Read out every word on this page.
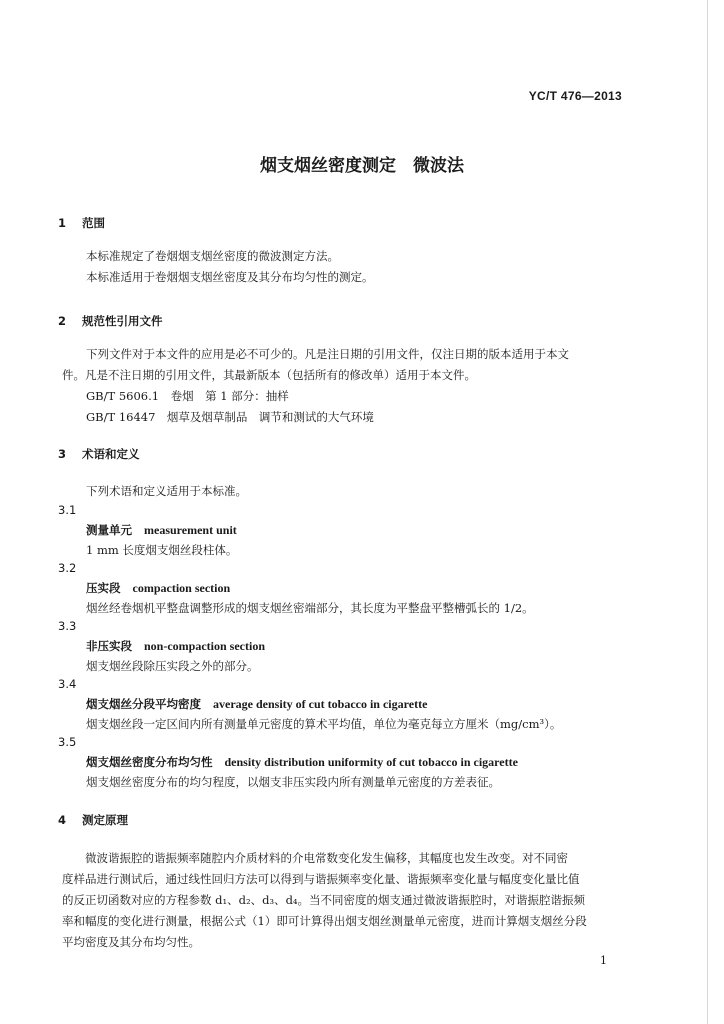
YC/T 476—2013
烟支烟丝密度测定　微波法
1 范围
本标准规定了卷烟烟支烟丝密度的微波测定方法。
本标准适用于卷烟烟支烟丝密度及其分布均匀性的测定。
2 规范性引用文件
下列文件对于本文件的应用是必不可少的。凡是注日期的引用文件，仅注日期的版本适用于本文
件。凡是不注日期的引用文件，其最新版本（包括所有的修改单）适用于本文件。
GB/T 5606.1　卷烟　第 1 部分：抽样
GB/T 16447　烟草及烟草制品　调节和测试的大气环境
3 术语和定义
下列术语和定义适用于本标准。
3.1
测量单元 measurement unit
1 mm 长度烟支烟丝段柱体。
3.2
压实段 compaction section
烟丝经卷烟机平整盘调整形成的烟支烟丝密端部分，其长度为平整盘平整槽弧长的 1/2。
3.3
非压实段 non-compaction section
烟支烟丝段除压实段之外的部分。
3.4
烟支烟丝分段平均密度 average density of cut tobacco in cigarette
烟支烟丝段一定区间内所有测量单元密度的算术平均值，单位为毫克每立方厘米（mg/cm³）。
3.5
烟支烟丝密度分布均匀性 density distribution uniformity of cut tobacco in cigarette
烟支烟丝密度分布的均匀程度，以烟支非压实段内所有测量单元密度的方差表征。
4 测定原理
　　微波谐振腔的谐振频率随腔内介质材料的介电常数变化发生偏移，其幅度也发生改变。对不同密
度样品进行测试后，通过线性回归方法可以得到与谐振频率变化量、谐振频率变化量与幅度变化量比值
的反正切函数对应的方程参数 d₁、d₂、d₃、d₄。当不同密度的烟支通过微波谐振腔时，对谐振腔谐振频
率和幅度的变化进行测量，根据公式（1）即可计算得出烟支烟丝测量单元密度，进而计算烟支烟丝分段
平均密度及其分布均匀性。
1
